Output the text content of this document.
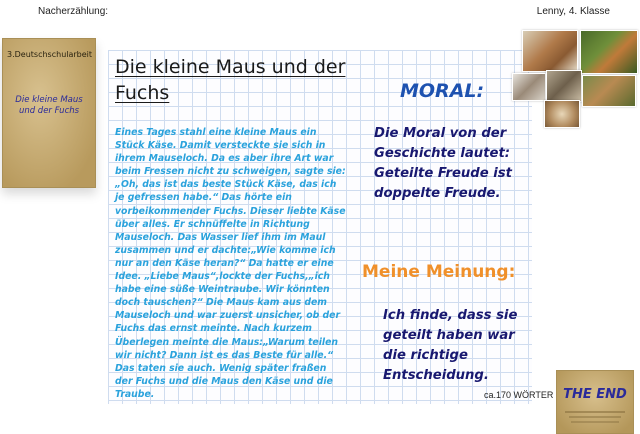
Nacherzählung:	Lenny, 4. Klasse
3.Deutschschularbeit
Die kleine Maus und der Fuchs
Die kleine Maus und der Fuchs
Eines Tages stahl eine kleine Maus ein Stück Käse. Damit versteckte sie sich in ihrem Mauseloch. Da es aber ihre Art war beim Fressen nicht zu schweigen, sagte sie:„Oh, das ist das beste Stück Käse, das ich je gefressen habe.“ Das hörte ein vorbeikommender Fuchs. Dieser liebte Käse über alles. Er schnüffelte in Richtung Mauseloch. Das Wasser lief ihm im Maul zusammen und er dachte:„Wie komme ich nur an den Käse heran?“ Da hatte er eine Idee. „Liebe Maus“,lockte der Fuchs,„ich habe eine süße Weintraube. Wir könnten doch tauschen?“ Die Maus kam aus dem Mauseloch und war zuerst unsicher, ob der Fuchs das ernst meinte. Nach kurzem Überlegen meinte die Maus:„Warum teilen wir nicht? Dann ist es das Beste für alle.“ Das taten sie auch. Wenig später fraßen der Fuchs und die Maus den Käse und die Traube.
MORAL:
Die Moral von der Geschichte lautet: Geteilte Freude ist doppelte Freude.
Meine Meinung:
Ich finde, dass sie geteilt haben war die richtige Entscheidung.
ca.170 WÖRTER THE END
